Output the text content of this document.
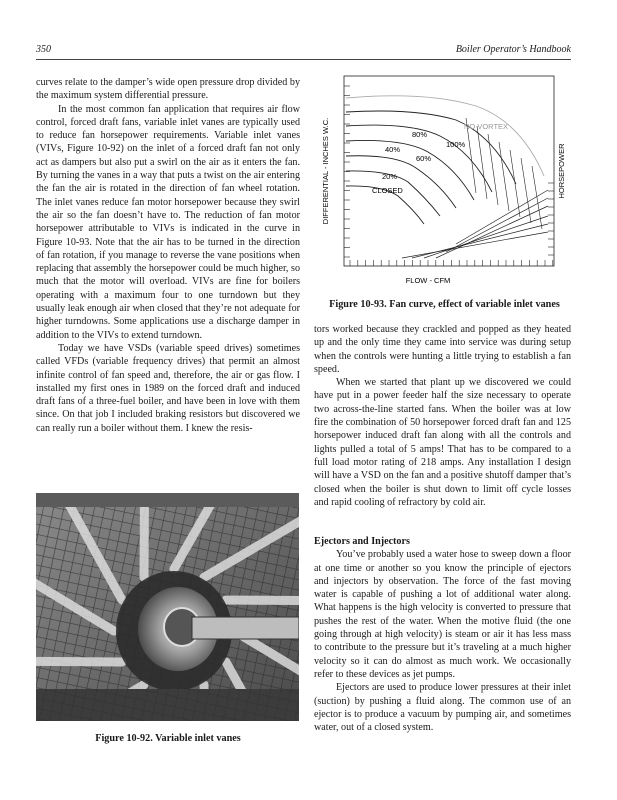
350	Boiler Operator’s Handbook

curves relate to the damper’s wide open pressure drop divided by the maximum system differential pressure.

In the most common fan application that requires air flow control, forced draft fans, variable inlet vanes are typically used to reduce fan horsepower requirements. Variable inlet vanes (VIVs, Figure 10-92) on the inlet of a forced draft fan not only act as dampers but also put a swirl on the air as it enters the fan. By turning the vanes in a way that puts a twist on the air entering the fan the air is rotated in the direction of fan wheel rotation. The inlet vanes reduce fan motor horsepower because they swirl the air so the fan doesn’t have to. The reduction of fan motor horsepower attributable to VIVs is indicated in the curve in Figure 10-93. Note that the air has to be turned in the direction of fan rotation, if you manage to reverse the vane positions when replacing that assembly the horsepower could be much higher, so much that the motor will overload. VIVs are fine for boilers operating with a maximum four to one turndown but they usually leak enough air when closed that they’re not adequate for higher turndowns. Some applications use a discharge damper in addition to the VIVs to extend turndown.

Today we have VSDs (variable speed drives) sometimes called VFDs (variable frequency drives) that permit an almost infinite control of fan speed and, therefore, the air or gas flow. I installed my first ones in 1989 on the forced draft and induced draft fans of a three-fuel boiler, and have been in love with them since. On that job I included braking resistors but discovered we can really run a boiler without them. I knew the resis-

DIFFERENTIAL - INCHES W.C.	HORSEPOWER
FLOW - CFM
NO VORTEX
100%
80%
60%
40%
20%
CLOSED
Figure 10-93. Fan curve, effect of variable inlet vanes

tors worked because they crackled and popped as they heated up and the only time they came into service was during setup when the controls were hunting a little trying to establish a fan speed.

When we started that plant up we discovered we could have put in a power feeder half the size necessary to operate two across-the-line started fans. When the boiler was at low fire the combination of 50 horsepower forced draft fan and 125 horsepower induced draft fan along with all the controls and lights pulled a total of 5 amps! That has to be compared to a full load motor rating of 218 amps. Any installation I design will have a VSD on the fan and a positive shutoff damper that’s closed when the boiler is shut down to limit off cycle losses and rapid cooling of refractory by cold air.

Ejectors and Injectors

You’ve probably used a water hose to sweep down a floor at one time or another so you know the principle of ejectors and injectors by observation. The force of the fast moving water is capable of pushing a lot of additional water along. What happens is the high velocity is converted to pressure that pushes the rest of the water. When the motive fluid (the one going through at high velocity) is steam or air it has less mass to contribute to the pressure but it’s traveling at a much higher velocity so it can do almost as much work. We occasionally refer to these devices as jet pumps.

Ejectors are used to produce lower pressures at their inlet (suction) by pushing a fluid along. The common use of an ejector is to produce a vacuum by pumping air, and sometimes water, out of a closed system.

Figure 10-92. Variable inlet vanes
